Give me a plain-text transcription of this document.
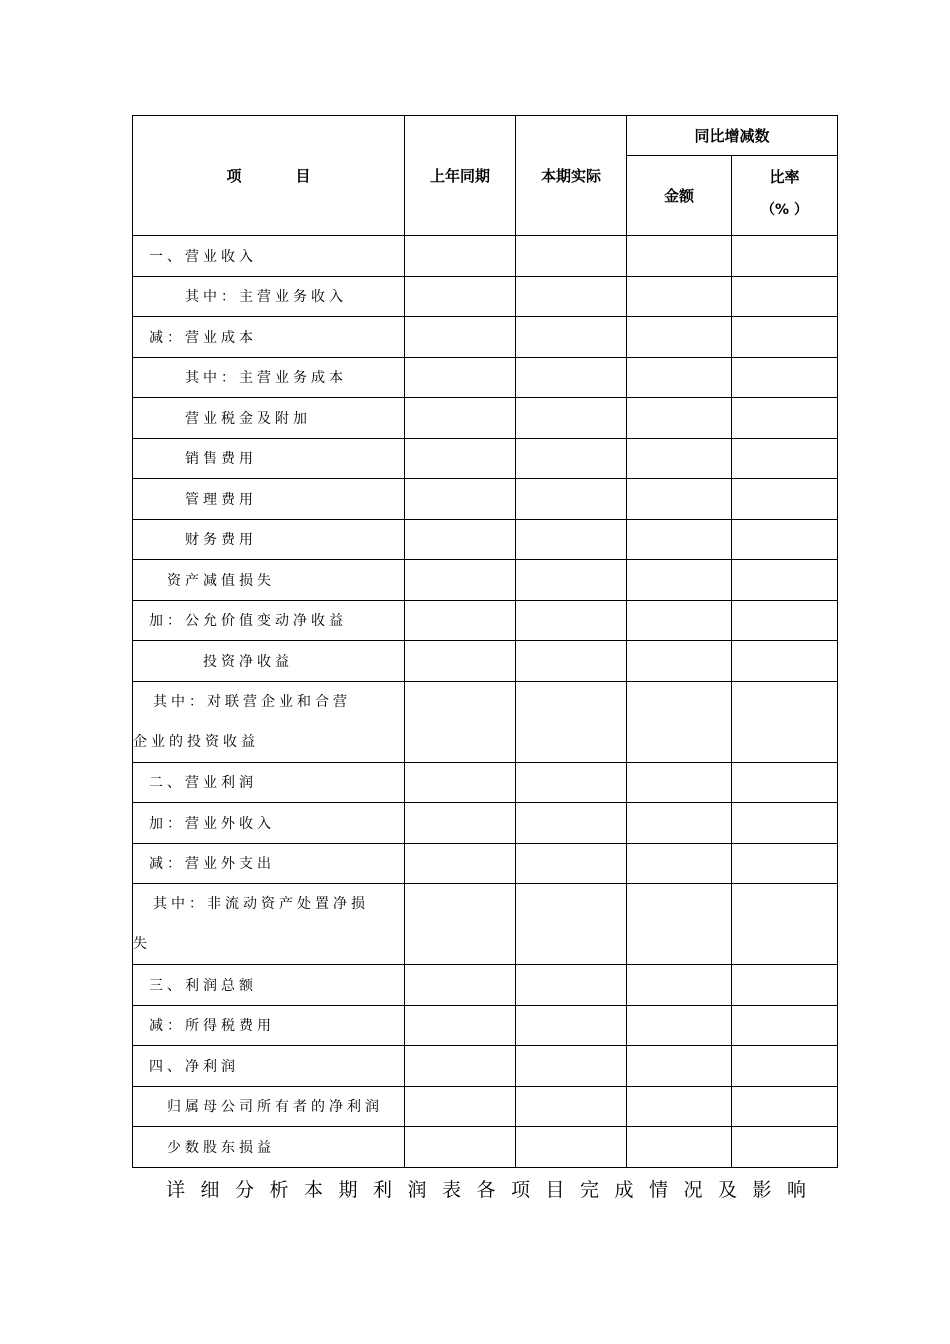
项 目	上年同期	本期实际	同比增减数	
			金额	比率
（% ）

一、营业收入				
其中：主营业务收入				
减：营业成本				
其中：主营业务成本				
营业税金及附加				
销售费用				
管理费用				
财务费用				
资产减值损失				
加：公允价值变动净收益				
投资净收益				

其中：对联营企业和合营
企业的投资收益				

二、营业利润				
加：营业外收入				
减：营业外支出				

其中：非流动资产处置净损
失				

三、利润总额				
减：所得税费用				
四、净利润				
归属母公司所有者的净利润				
少数股东损益				
详细分析本期利润表各项目完成情况及影响
